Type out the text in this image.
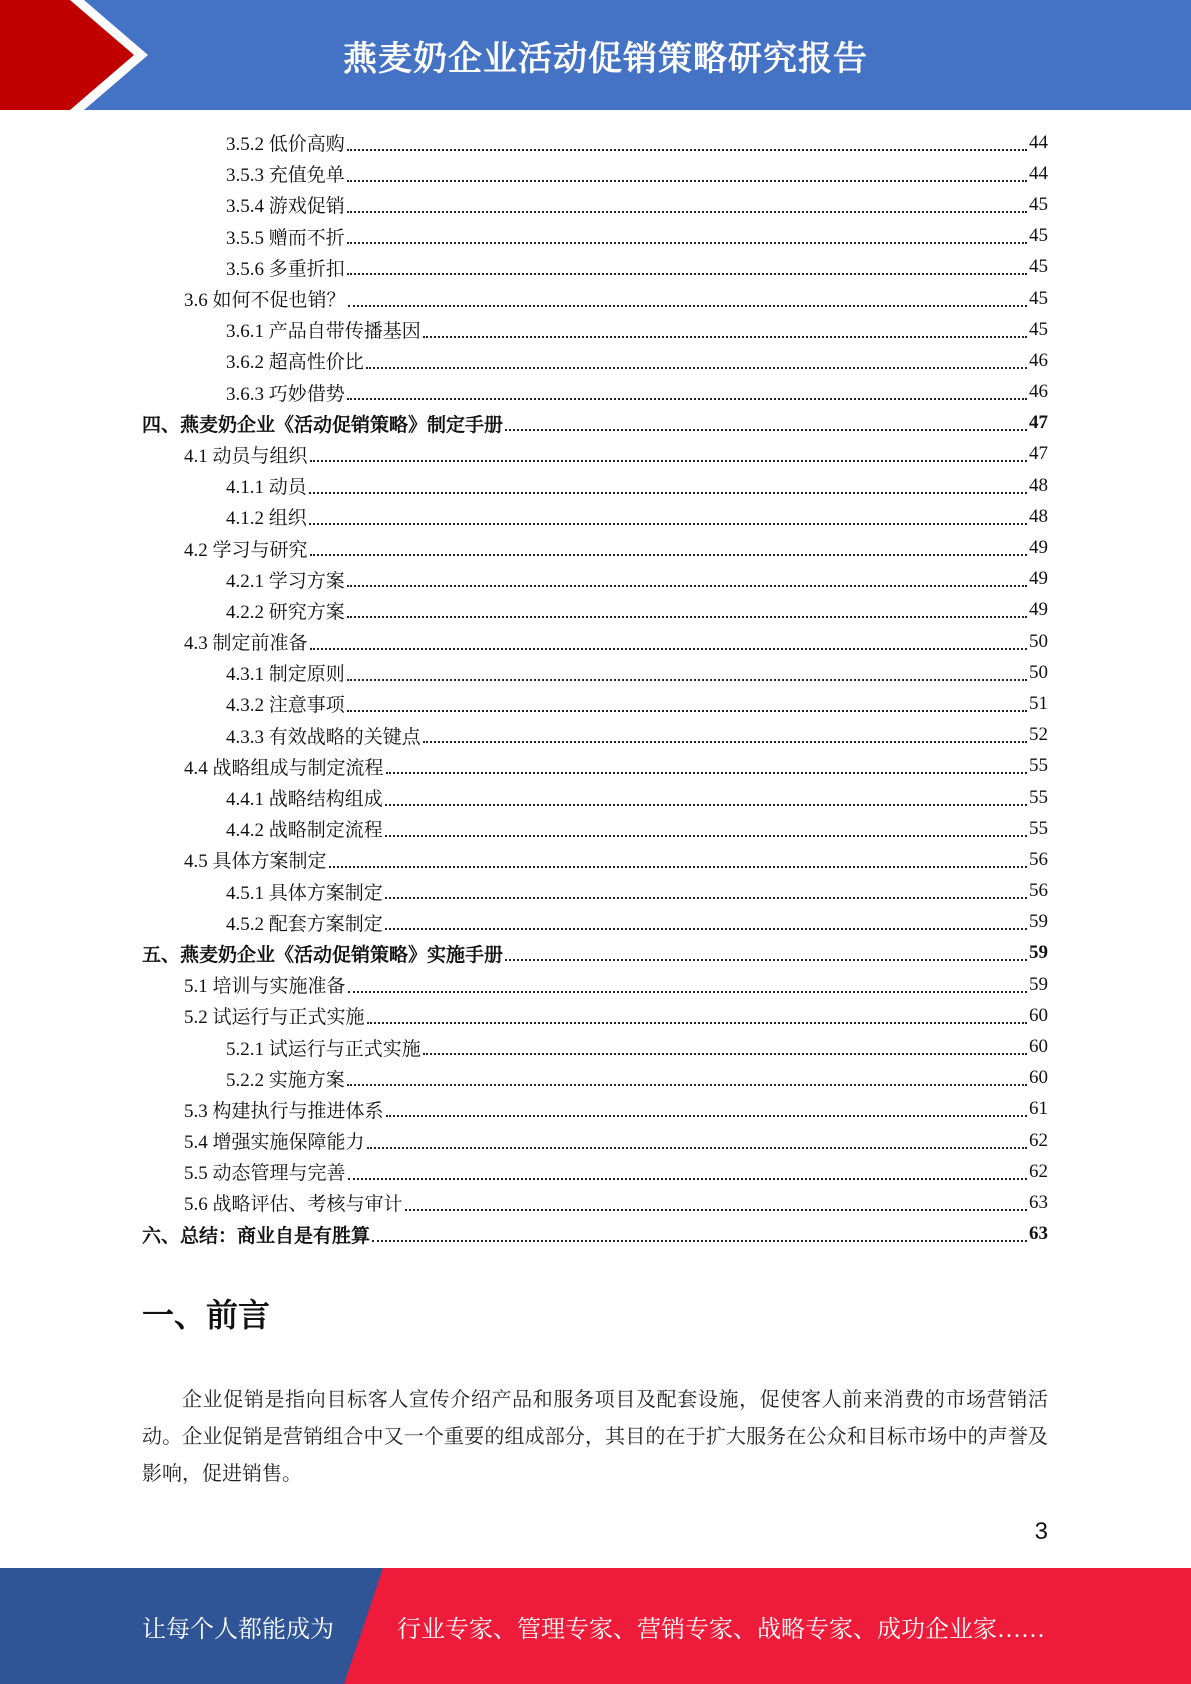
燕麦奶企业活动促销策略研究报告
3.5.2 低价高购	44
3.5.3 充值免单	44
3.5.4 游戏促销	45
3.5.5 赠而不折	45
3.5.6 多重折扣	45
3.6 如何不促也销？	45
3.6.1 产品自带传播基因	45
3.6.2 超高性价比	46
3.6.3 巧妙借势	46
四、燕麦奶企业《活动促销策略》制定手册	47
4.1 动员与组织	47
4.1.1 动员	48
4.1.2 组织	48
4.2 学习与研究	49
4.2.1 学习方案	49
4.2.2 研究方案	49
4.3 制定前准备	50
4.3.1 制定原则	50
4.3.2 注意事项	51
4.3.3 有效战略的关键点	52
4.4 战略组成与制定流程	55
4.4.1 战略结构组成	55
4.4.2 战略制定流程	55
4.5 具体方案制定	56
4.5.1 具体方案制定	56
4.5.2 配套方案制定	59
五、燕麦奶企业《活动促销策略》实施手册	59
5.1 培训与实施准备	59
5.2 试运行与正式实施	60
5.2.1 试运行与正式实施	60
5.2.2 实施方案	60
5.3 构建执行与推进体系	61
5.4 增强实施保障能力	62
5.5 动态管理与完善	62
5.6 战略评估、考核与审计	63
六、总结：商业自是有胜算	63
一、前言

企业促销是指向目标客人宣传介绍产品和服务项目及配套设施，促使客人前来消费的市场营销活动。企业促销是营销组合中又一个重要的组成部分，其目的在于扩大服务在公众和目标市场中的声誉及影响，促进销售。

3
让每个人都能成为	行业专家、管理专家、营销专家、战略专家、成功企业家……
